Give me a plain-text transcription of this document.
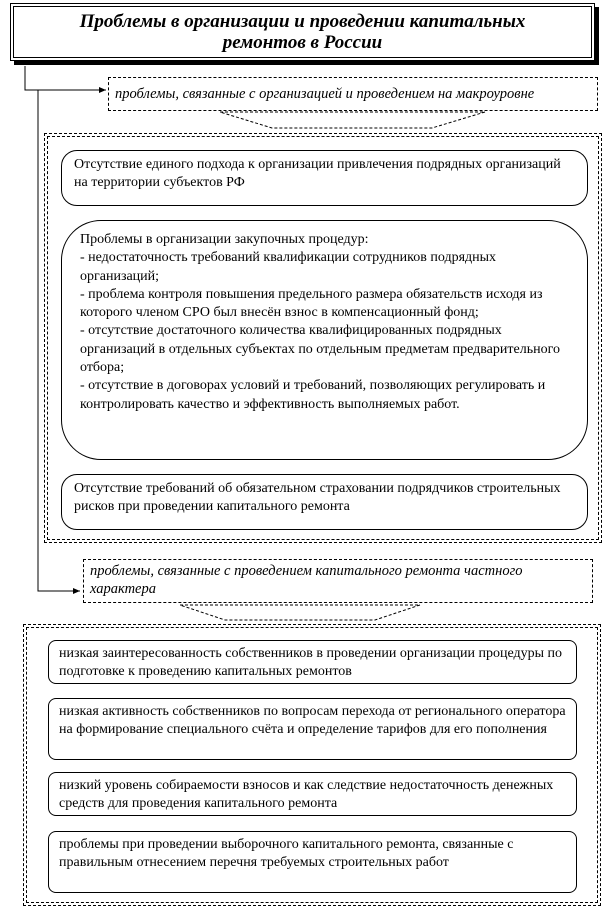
Проблемы в организации и проведении капитальных ремонтов в России
проблемы, связанные с организацией и проведением на макроуровне
Отсутствие единого подхода к организации привлечения подрядных организаций на территории субъектов РФ
Проблемы в организации закупочных процедур:
- недостаточность требований квалификации сотрудников подрядных организаций;
- проблема контроля повышения предельного размера обязательств исходя из которого членом СРО был внесён взнос в компенсационный фонд;
- отсутствие достаточного количества квалифицированных подрядных организаций в отдельных субъектах по отдельным предметам предварительного отбора;
- отсутствие в договорах условий и требований, позволяющих регулировать и контролировать качество и эффективность выполняемых работ.
Отсутствие требований об обязательном страховании подрядчиков строительных рисков при проведении капитального ремонта
проблемы, связанные с проведением капитального ремонта частного характера
низкая заинтересованность собственников в проведении организации процедуры по подготовке к проведению капитальных ремонтов
низкая активность собственников по вопросам перехода от регионального оператора на формирование специального счёта и определение тарифов для его пополнения
низкий уровень собираемости взносов и как следствие недостаточность денежных средств для проведения капитального ремонта
проблемы при проведении выборочного капитального ремонта, связанные с правильным отнесением перечня требуемых строительных работ
